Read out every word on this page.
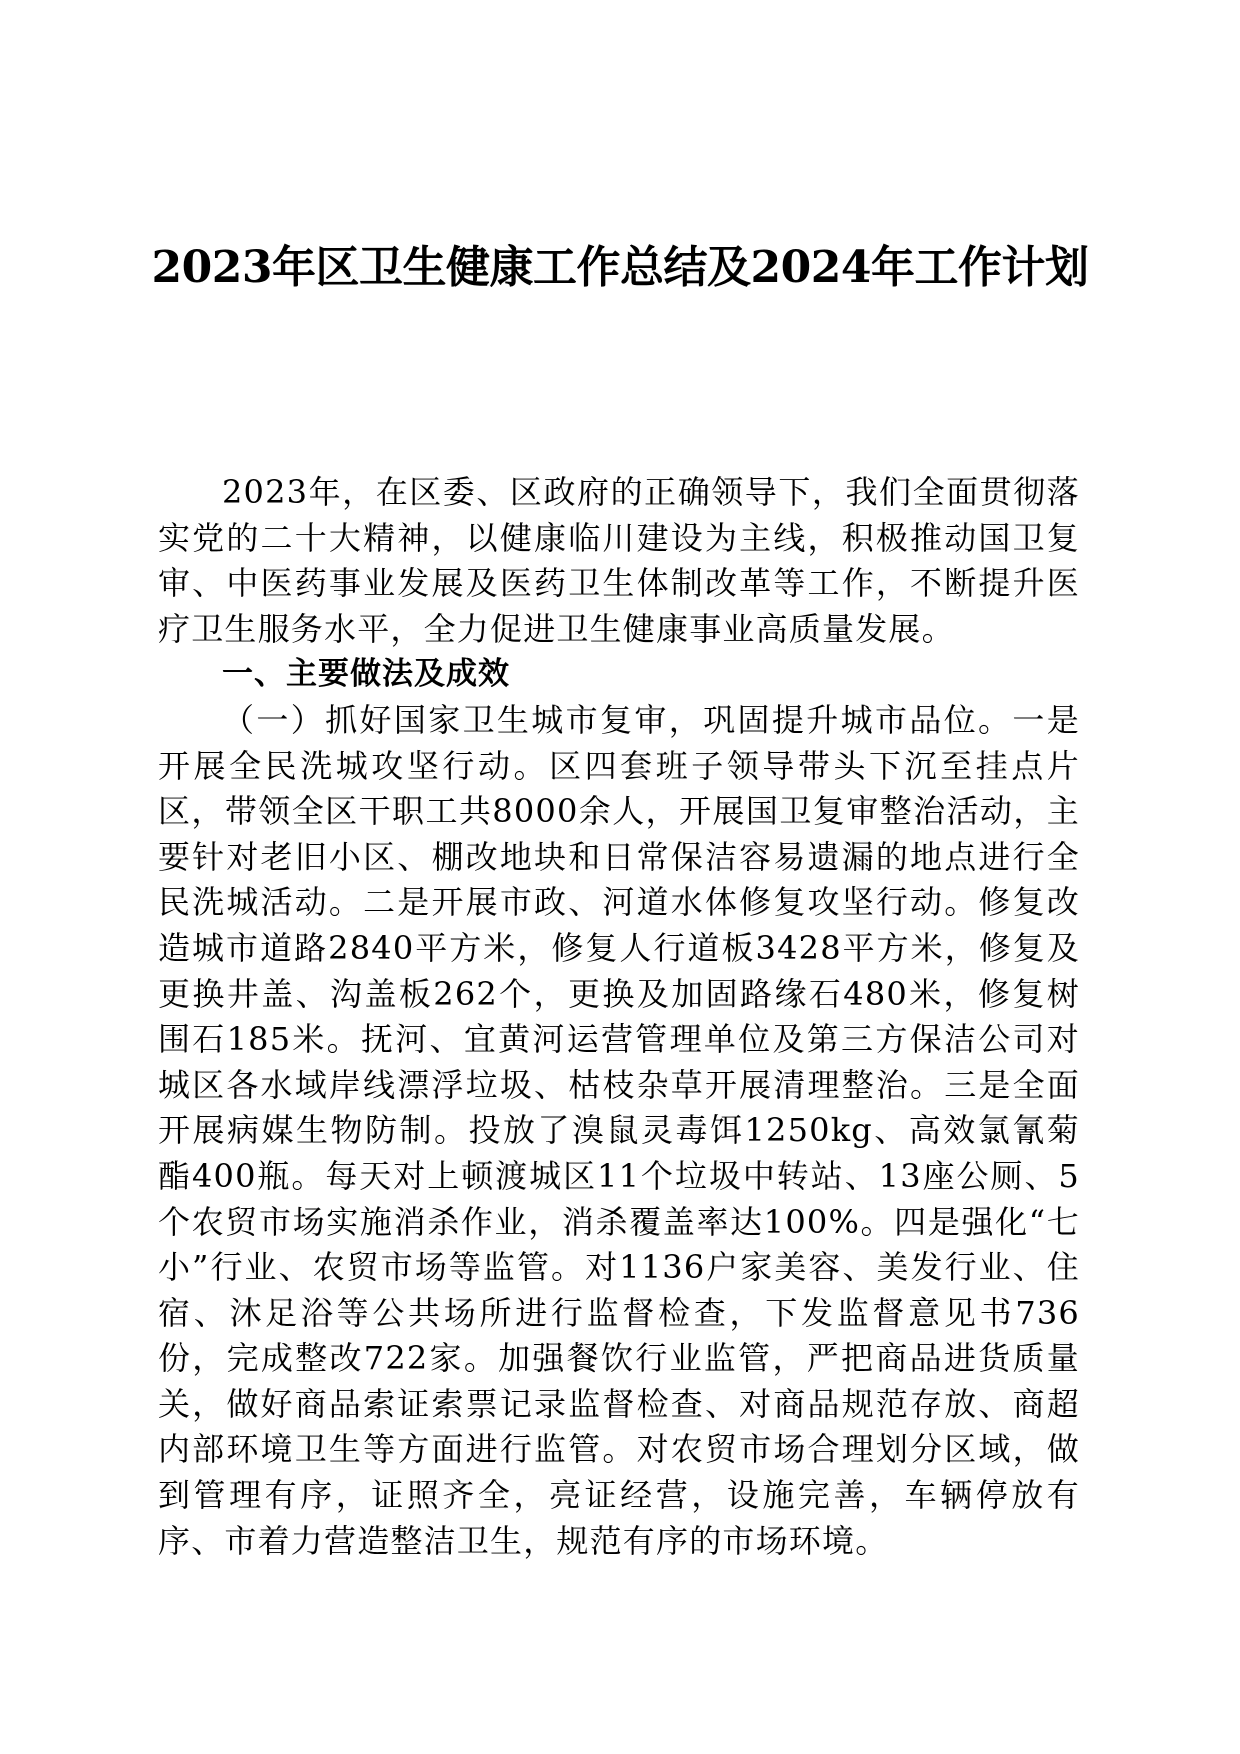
2023年区卫生健康工作总结及2024年工作计划

2023年，在区委、区政府的正确领导下，我们全面贯彻落实党的二十大精神，以健康临川建设为主线，积极推动国卫复审、中医药事业发展及医药卫生体制改革等工作，不断提升医疗卫生服务水平，全力促进卫生健康事业高质量发展。

一、主要做法及成效

（一）抓好国家卫生城市复审，巩固提升城市品位。一是开展全民洗城攻坚行动。区四套班子领导带头下沉至挂点片区，带领全区干职工共8000余人，开展国卫复审整治活动，主要针对老旧小区、棚改地块和日常保洁容易遗漏的地点进行全民洗城活动。二是开展市政、河道水体修复攻坚行动。修复改造城市道路2840平方米，修复人行道板3428平方米，修复及更换井盖、沟盖板262个，更换及加固路缘石480米，修复树围石185米。抚河、宜黄河运营管理单位及第三方保洁公司对城区各水域岸线漂浮垃圾、枯枝杂草开展清理整治。三是全面开展病媒生物防制。投放了溴鼠灵毒饵1250kg、高效氯氰菊酯400瓶。每天对上顿渡城区11个垃圾中转站、13座公厕、5个农贸市场实施消杀作业，消杀覆盖率达100%。四是强化“七小”行业、农贸市场等监管。对1136户家美容、美发行业、住宿、沐足浴等公共场所进行监督检查，下发监督意见书736份，完成整改722家。加强餐饮行业监管，严把商品进货质量关，做好商品索证索票记录监督检查、对商品规范存放、商超内部环境卫生等方面进行监管。对农贸市场合理划分区域，做到管理有序，证照齐全，亮证经营，设施完善，车辆停放有序、市着力营造整洁卫生，规范有序的市场环境。
